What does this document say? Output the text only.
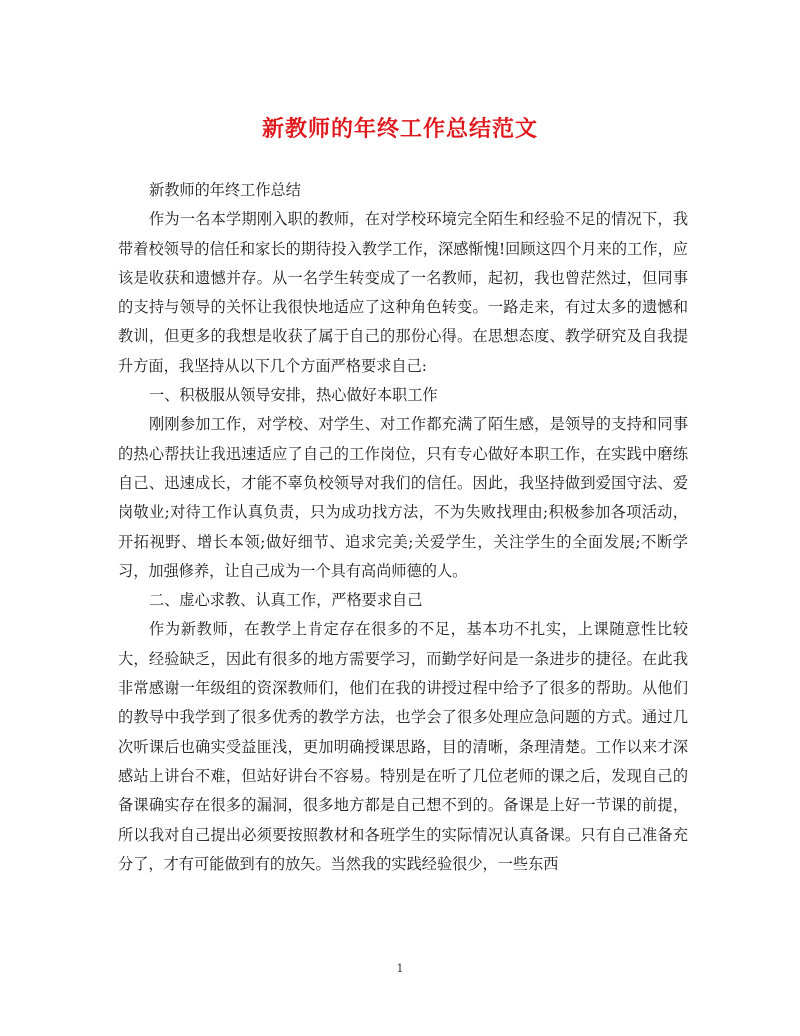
新教师的年终工作总结范文

新教师的年终工作总结

作为一名本学期刚入职的教师，在对学校环境完全陌生和经验不足的情况下，我带着校领导的信任和家长的期待投入教学工作，深感惭愧!回顾这四个月来的工作，应该是收获和遗憾并存。从一名学生转变成了一名教师，起初，我也曾茫然过，但同事的支持与领导的关怀让我很快地适应了这种角色转变。一路走来，有过太多的遗憾和教训，但更多的我想是收获了属于自己的那份心得。在思想态度、教学研究及自我提升方面，我坚持从以下几个方面严格要求自己:

一、积极服从领导安排，热心做好本职工作

刚刚参加工作，对学校、对学生、对工作都充满了陌生感，是领导的支持和同事的热心帮扶让我迅速适应了自己的工作岗位，只有专心做好本职工作，在实践中磨练自己、迅速成长，才能不辜负校领导对我们的信任。因此，我坚持做到爱国守法、爱岗敬业;对待工作认真负责，只为成功找方法，不为失败找理由;积极参加各项活动，开拓视野、增长本领;做好细节、追求完美;关爱学生，关注学生的全面发展;不断学习，加强修养，让自己成为一个具有高尚师德的人。

二、虚心求教、认真工作，严格要求自己

作为新教师，在教学上肯定存在很多的不足，基本功不扎实，上课随意性比较大，经验缺乏，因此有很多的地方需要学习，而勤学好问是一条进步的捷径。在此我非常感谢一年级组的资深教师们，他们在我的讲授过程中给予了很多的帮助。从他们的教导中我学到了很多优秀的教学方法，也学会了很多处理应急问题的方式。通过几次听课后也确实受益匪浅，更加明确授课思路，目的清晰，条理清楚。工作以来才深感站上讲台不难，但站好讲台不容易。特别是在听了几位老师的课之后，发现自己的备课确实存在很多的漏洞，很多地方都是自己想不到的。备课是上好一节课的前提，所以我对自己提出必须要按照教材和各班学生的实际情况认真备课。只有自己准备充分了，才有可能做到有的放矢。当然我的实践经验很少，一些东西

1
